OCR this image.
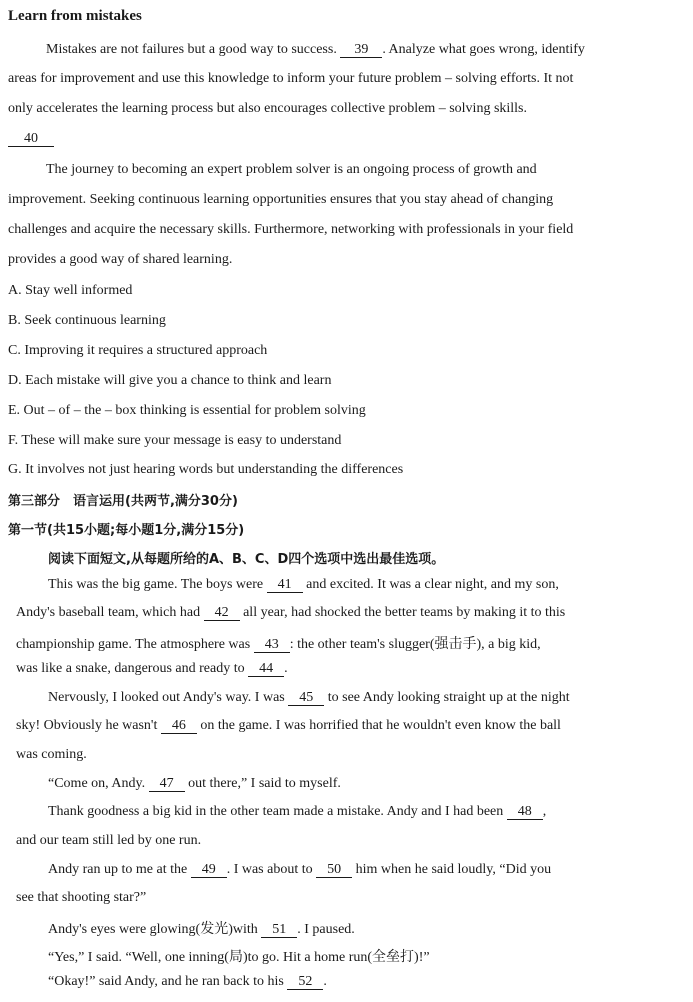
Learn from mistakes
Mistakes are not failures but a good way to success. 39 . Analyze what goes wrong, identify
areas for improvement and use this knowledge to inform your future problem – solving efforts. It not
only accelerates the learning process but also encourages collective problem – solving skills.
40
The journey to becoming an expert problem solver is an ongoing process of growth and
improvement. Seeking continuous learning opportunities ensures that you stay ahead of changing
challenges and acquire the necessary skills. Furthermore, networking with professionals in your field
provides a good way of shared learning.
A. Stay well informed
B. Seek continuous learning
C. Improving it requires a structured approach
D. Each mistake will give you a chance to think and learn
E. Out – of – the – box thinking is essential for problem solving
F. These will make sure your message is easy to understand
G. It involves not just hearing words but understanding the differences
第三部分　语言运用(共两节,满分30分)
第一节(共15小题;每小题1分,满分15分)
阅读下面短文,从每题所给的A、B、C、D四个选项中选出最佳选项。
This was the big game. The boys were 41 and excited. It was a clear night, and my son,
Andy's baseball team, which had 42 all year, had shocked the better teams by making it to this
championship game. The atmosphere was 43 : the other team's slugger(强击手), a big kid,
was like a snake, dangerous and ready to 44 .
Nervously, I looked out Andy's way. I was 45 to see Andy looking straight up at the night
sky! Obviously he wasn't 46 on the game. I was horrified that he wouldn't even know the ball
was coming.
“Come on, Andy. 47 out there,” I said to myself.
Thank goodness a big kid in the other team made a mistake. Andy and I had been 48 ,
and our team still led by one run.
Andy ran up to me at the 49 . I was about to 50 him when he said loudly, “Did you
see that shooting star?”
Andy's eyes were glowing(发光)with 51 . I paused.
“Yes,” I said. “Well, one inning(局)to go. Hit a home run(全垒打)!”
“Okay!” said Andy, and he ran back to his 52 .
